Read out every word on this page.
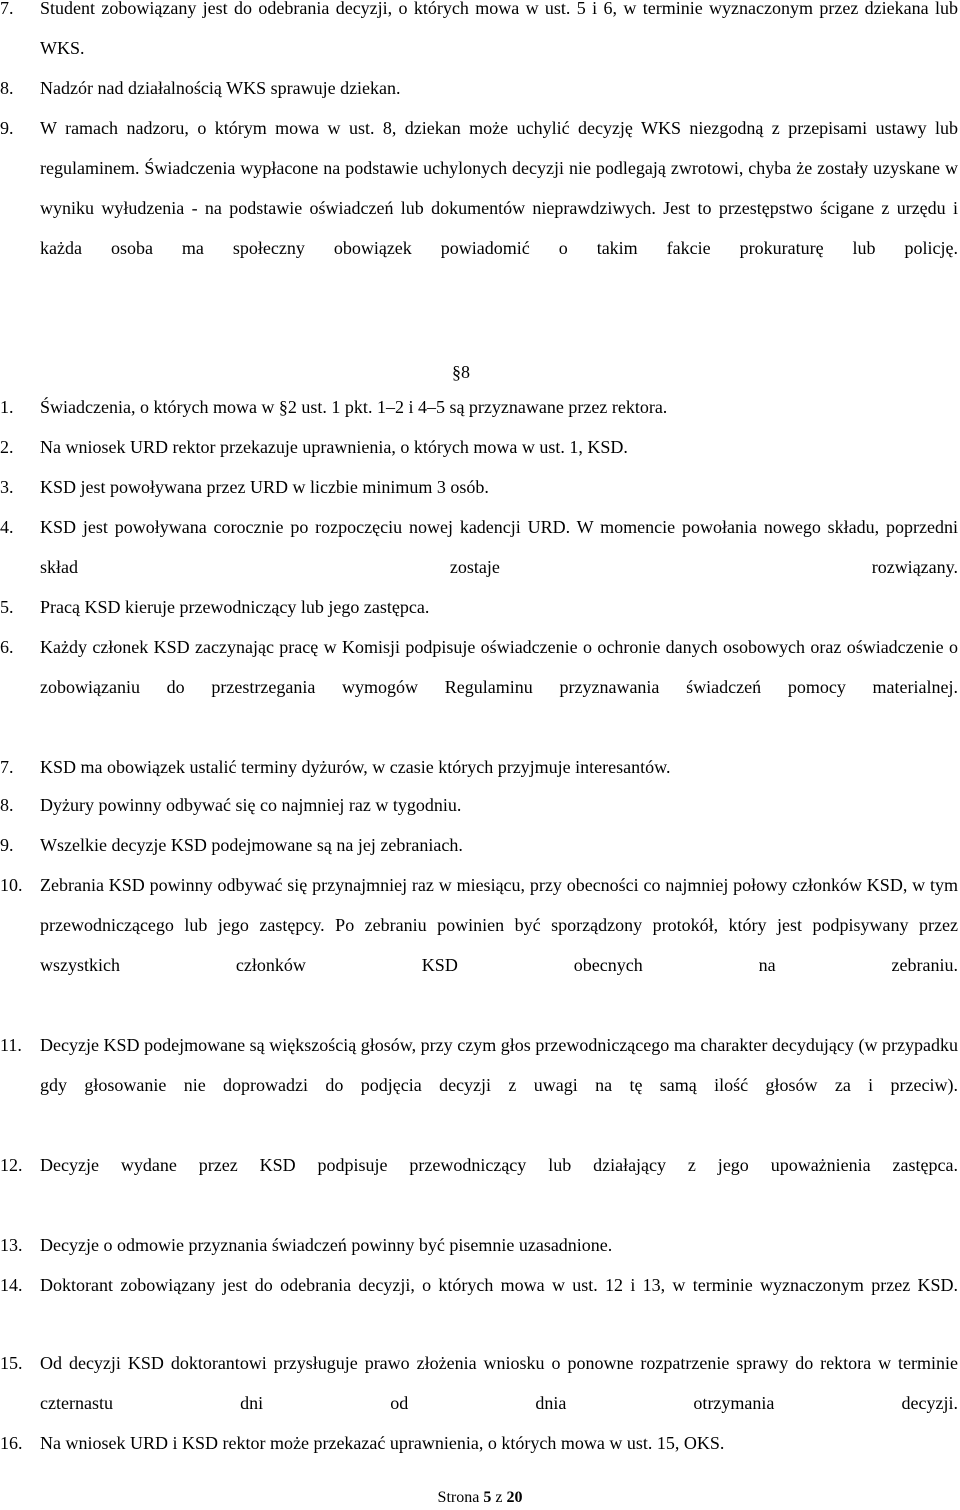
7. Student zobowiązany jest do odebrania decyzji, o których mowa w ust. 5 i 6, w terminie wyznaczonym przez dziekana lub WKS.

8. Nadzór nad działalnością WKS sprawuje dziekan.

9. W ramach nadzoru, o którym mowa w ust. 8, dziekan może uchylić decyzję WKS niezgodną z przepisami ustawy lub regulaminem. Świadczenia wypłacone na podstawie uchylonych decyzji nie podlegają zwrotowi, chyba że zostały uzyskane w wyniku wyłudzenia - na podstawie oświadczeń lub dokumentów nieprawdziwych. Jest to przestępstwo ścigane z urzędu i każda osoba ma społeczny obowiązek powiadomić o takim fakcie prokuraturę lub policję.

§8
1. Świadczenia, o których mowa w §2 ust. 1 pkt. 1–2 i 4–5 są przyznawane przez rektora.

2. Na wniosek URD rektor przekazuje uprawnienia, o których mowa w ust. 1, KSD.

3. KSD jest powoływana przez URD w liczbie minimum 3 osób.

4. KSD jest powoływana corocznie po rozpoczęciu nowej kadencji URD. W momencie powołania nowego składu, poprzedni skład zostaje rozwiązany.

5. Pracą KSD kieruje przewodniczący lub jego zastępca.

6. Każdy członek KSD zaczynając pracę w Komisji podpisuje oświadczenie o ochronie danych osobowych oraz oświadczenie o zobowiązaniu do przestrzegania wymogów Regulaminu przyznawania świadczeń pomocy materialnej.

7. KSD ma obowiązek ustalić terminy dyżurów, w czasie których przyjmuje interesantów.

8. Dyżury powinny odbywać się co najmniej raz w tygodniu.

9. Wszelkie decyzje KSD podejmowane są na jej zebraniach.

10. Zebrania KSD powinny odbywać się przynajmniej raz w miesiącu, przy obecności co najmniej połowy członków KSD, w tym przewodniczącego lub jego zastępcy. Po zebraniu powinien być sporządzony protokół, który jest podpisywany przez wszystkich członków KSD obecnych na zebraniu.

11. Decyzje KSD podejmowane są większością głosów, przy czym głos przewodniczącego ma charakter decydujący (w przypadku gdy głosowanie nie doprowadzi do podjęcia decyzji z uwagi na tę samą ilość głosów za i przeciw).

12. Decyzje wydane przez KSD podpisuje przewodniczący lub działający z jego upoważnienia zastępca.

13. Decyzje o odmowie przyznania świadczeń powinny być pisemnie uzasadnione.

14. Doktorant zobowiązany jest do odebrania decyzji, o których mowa w ust. 12 i 13, w terminie wyznaczonym przez KSD.

15. Od decyzji KSD doktorantowi przysługuje prawo złożenia wniosku o ponowne rozpatrzenie sprawy do rektora w terminie czternastu dni od dnia otrzymania decyzji.

16. Na wniosek URD i KSD rektor może przekazać uprawnienia, o których mowa w ust. 15, OKS.

Strona 5 z 20
